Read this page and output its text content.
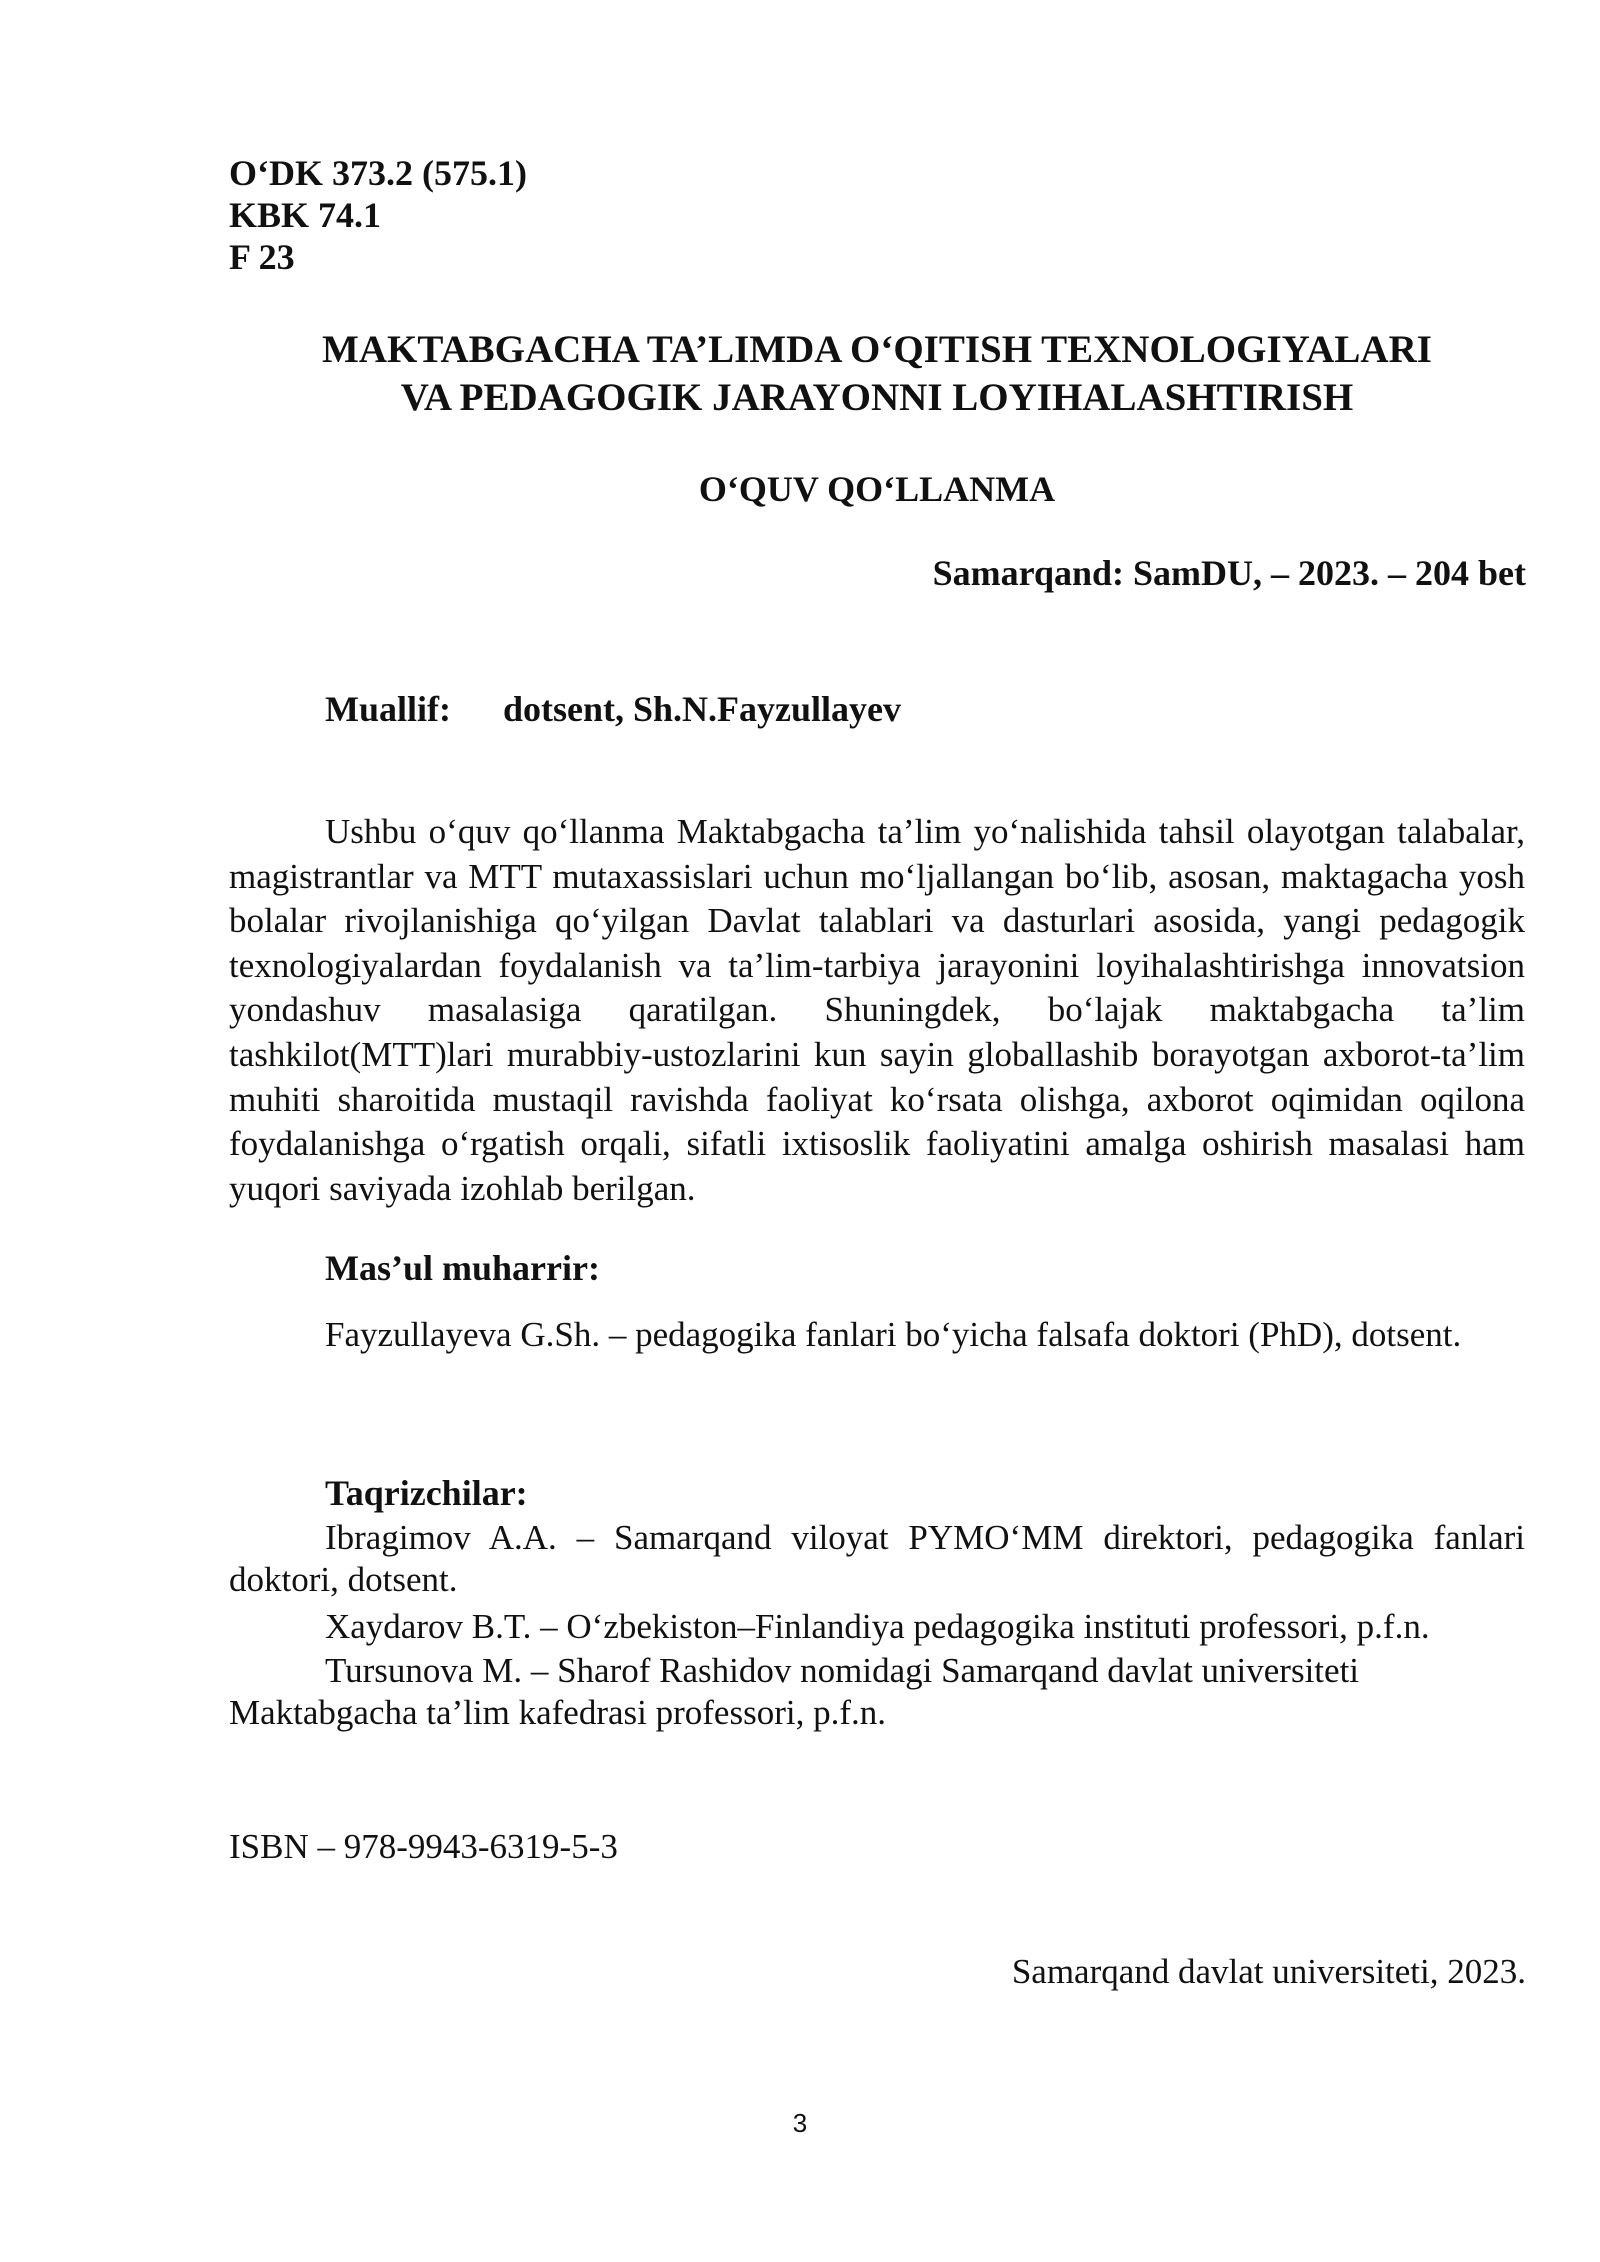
O‘DK 373.2 (575.1)
KBK 74.1
F 23
MAKTABGACHA TA’LIMDA O‘QITISH TEXNOLOGIYALARI
VA PEDAGOGIK JARAYONNI LOYIHALASHTIRISH
O‘QUV QO‘LLANMA
Samarqand: SamDU, – 2023. – 204 bet
Muallif: dotsent, Sh.N.Fayzullayev

Ushbu o‘quv qo‘llanma Maktabgacha ta’lim yo‘nalishida tahsil olayotgan talabalar, magistrantlar va MTT mutaxassislari uchun mo‘ljallangan bo‘lib, asosan, maktagacha yosh bolalar rivojlanishiga qo‘yilgan Davlat talablari va dasturlari asosida, yangi pedagogik texnologiyalardan foydalanish va ta’lim-tarbiya jarayonini loyihalashtirishga innovatsion yondashuv masalasiga qaratilgan. Shuningdek, bo‘lajak maktabgacha ta’lim tashkilot(MTT)lari murabbiy-ustozlarini kun sayin globallashib borayotgan axborot-ta’lim muhiti sharoitida mustaqil ravishda faoliyat ko‘rsata olishga, axborot oqimidan oqilona foydalanishga o‘rgatish orqali, sifatli ixtisoslik faoliyatini amalga oshirish masalasi ham yuqori saviyada izohlab berilgan.

Mas’ul muharrir:

Fayzullayeva G.Sh. – pedagogika fanlari bo‘yicha falsafa doktori (PhD), dotsent.

Taqrizchilar:

Ibragimov A.A. – Samarqand viloyat PYMO‘MM direktori, pedagogika fanlari doktori, dotsent.

Xaydarov B.T. – O‘zbekiston–Finlandiya pedagogika instituti professori, p.f.n.

Tursunova M. – Sharof Rashidov nomidagi Samarqand davlat universiteti Maktabgacha ta’lim kafedrasi professori, p.f.n.

ISBN – 978-9943-6319-5-3
Samarqand davlat universiteti, 2023.
3
